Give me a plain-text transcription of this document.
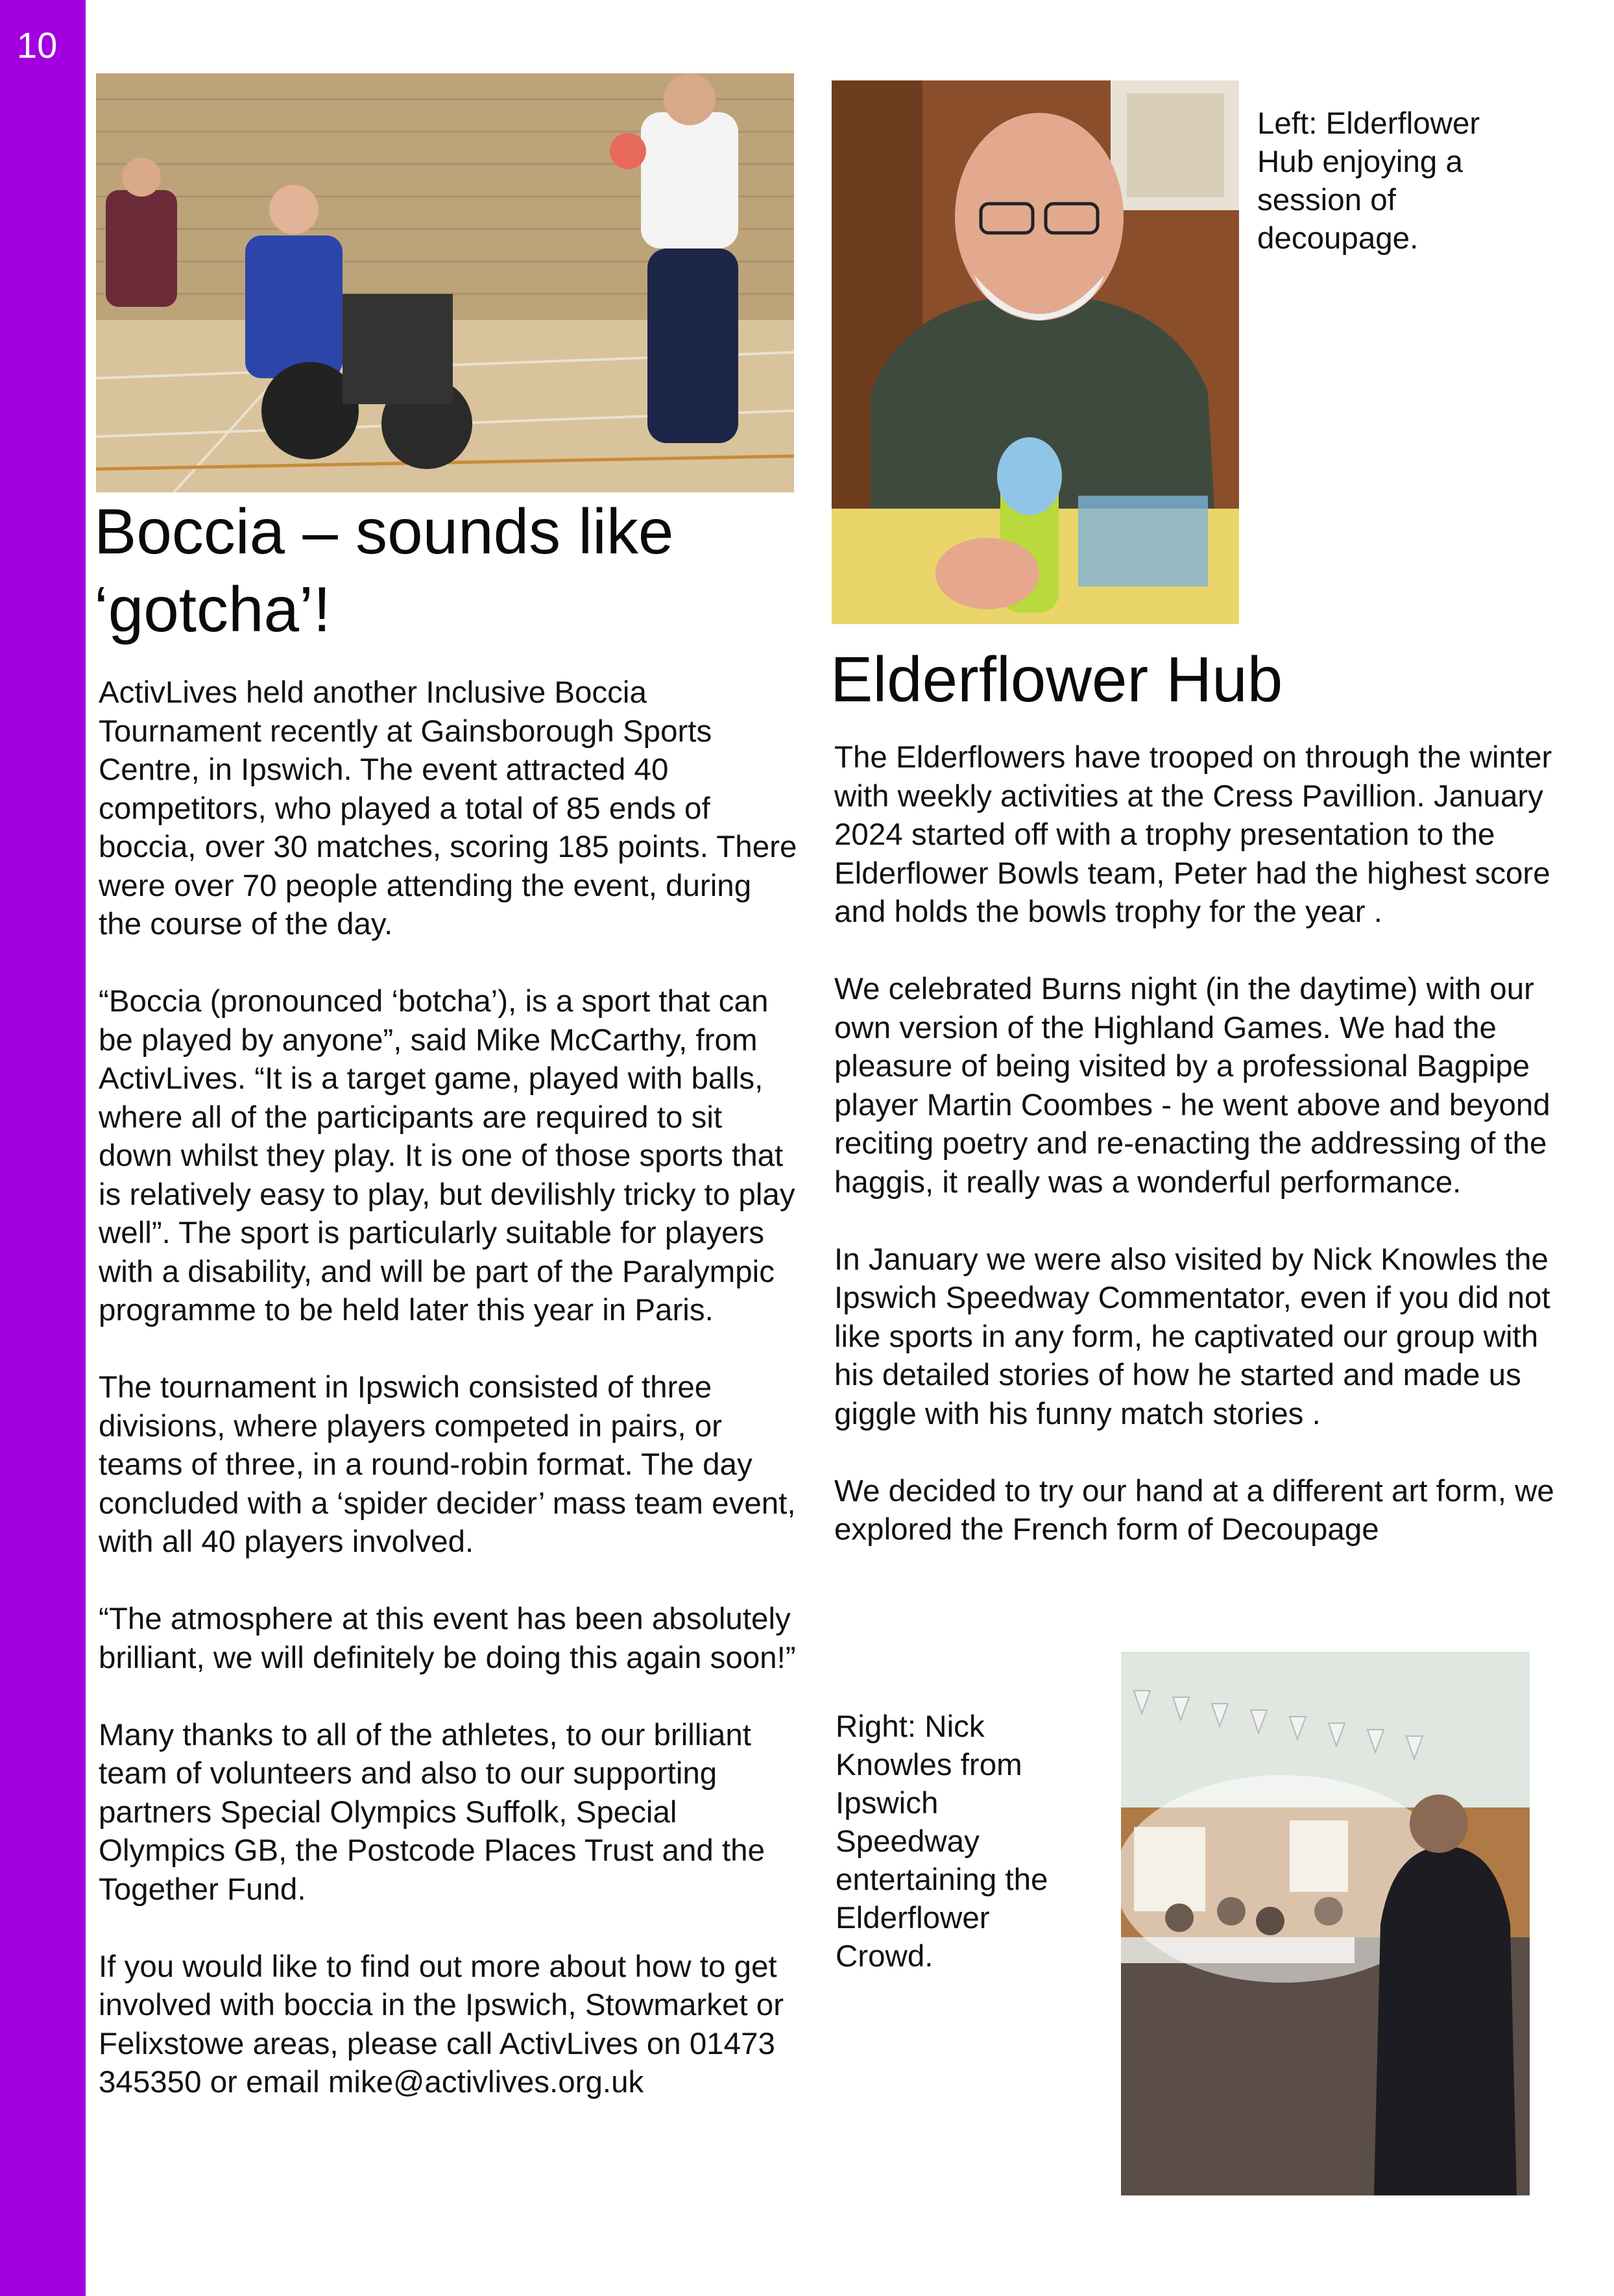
10
Boccia – sounds like
‘gotcha’!

ActivLives held another Inclusive Boccia Tournament recently at Gainsborough Sports Centre, in Ipswich. The event attracted 40 competitors, who played a total of 85 ends of boccia, over 30 matches, scoring 185 points. There were over 70 people attending the event, during the course of the day.

“Boccia (pronounced ‘botcha’), is a sport that can be played by anyone”, said Mike McCarthy, from ActivLives. “It is a target game, played with balls, where all of the participants are required to sit down whilst they play. It is one of those sports that is relatively easy to play, but devilishly tricky to play well”. The sport is particularly suitable for players with a disability, and will be part of the Paralympic programme to be held later this year in Paris.

The tournament in Ipswich consisted of three divisions, where players competed in pairs, or teams of three, in a round-robin format. The day concluded with a ‘spider decider’ mass team event, with all 40 players involved.

“The atmosphere at this event has been absolutely brilliant, we will definitely be doing this again soon!”

Many thanks to all of the athletes, to our brilliant team of volunteers and also to our supporting partners Special Olympics Suffolk, Special Olympics GB, the Postcode Places Trust and the Together Fund.

If you would like to find out more about how to get involved with boccia in the Ipswich, Stowmarket or Felixstowe areas, please call ActivLives on 01473 345350 or email mike@activlives.org.uk

Left: Elderflower Hub enjoying a session of decoupage.
Elderflower Hub

The Elderflowers have trooped on through the winter with weekly activities at the Cress Pavillion. January 2024 started off with a trophy presentation to the Elderflower Bowls team, Peter had the highest score and holds the bowls trophy for the year .

We celebrated Burns night (in the daytime) with our own version of the Highland Games. We had the pleasure of being visited by a professional Bagpipe player Martin Coombes - he went above and beyond reciting poetry and re-enacting the addressing of the haggis, it really was a wonderful performance.

In January we were also visited by Nick Knowles the Ipswich Speedway Commentator, even if you did not like sports in any form, he captivated our group with his detailed stories of how he started and made us giggle with his funny match stories .

We decided to try our hand at a different art form, we explored the French form of Decoupage

Right: Nick Knowles from Ipswich Speedway entertaining the Elderflower Crowd.
